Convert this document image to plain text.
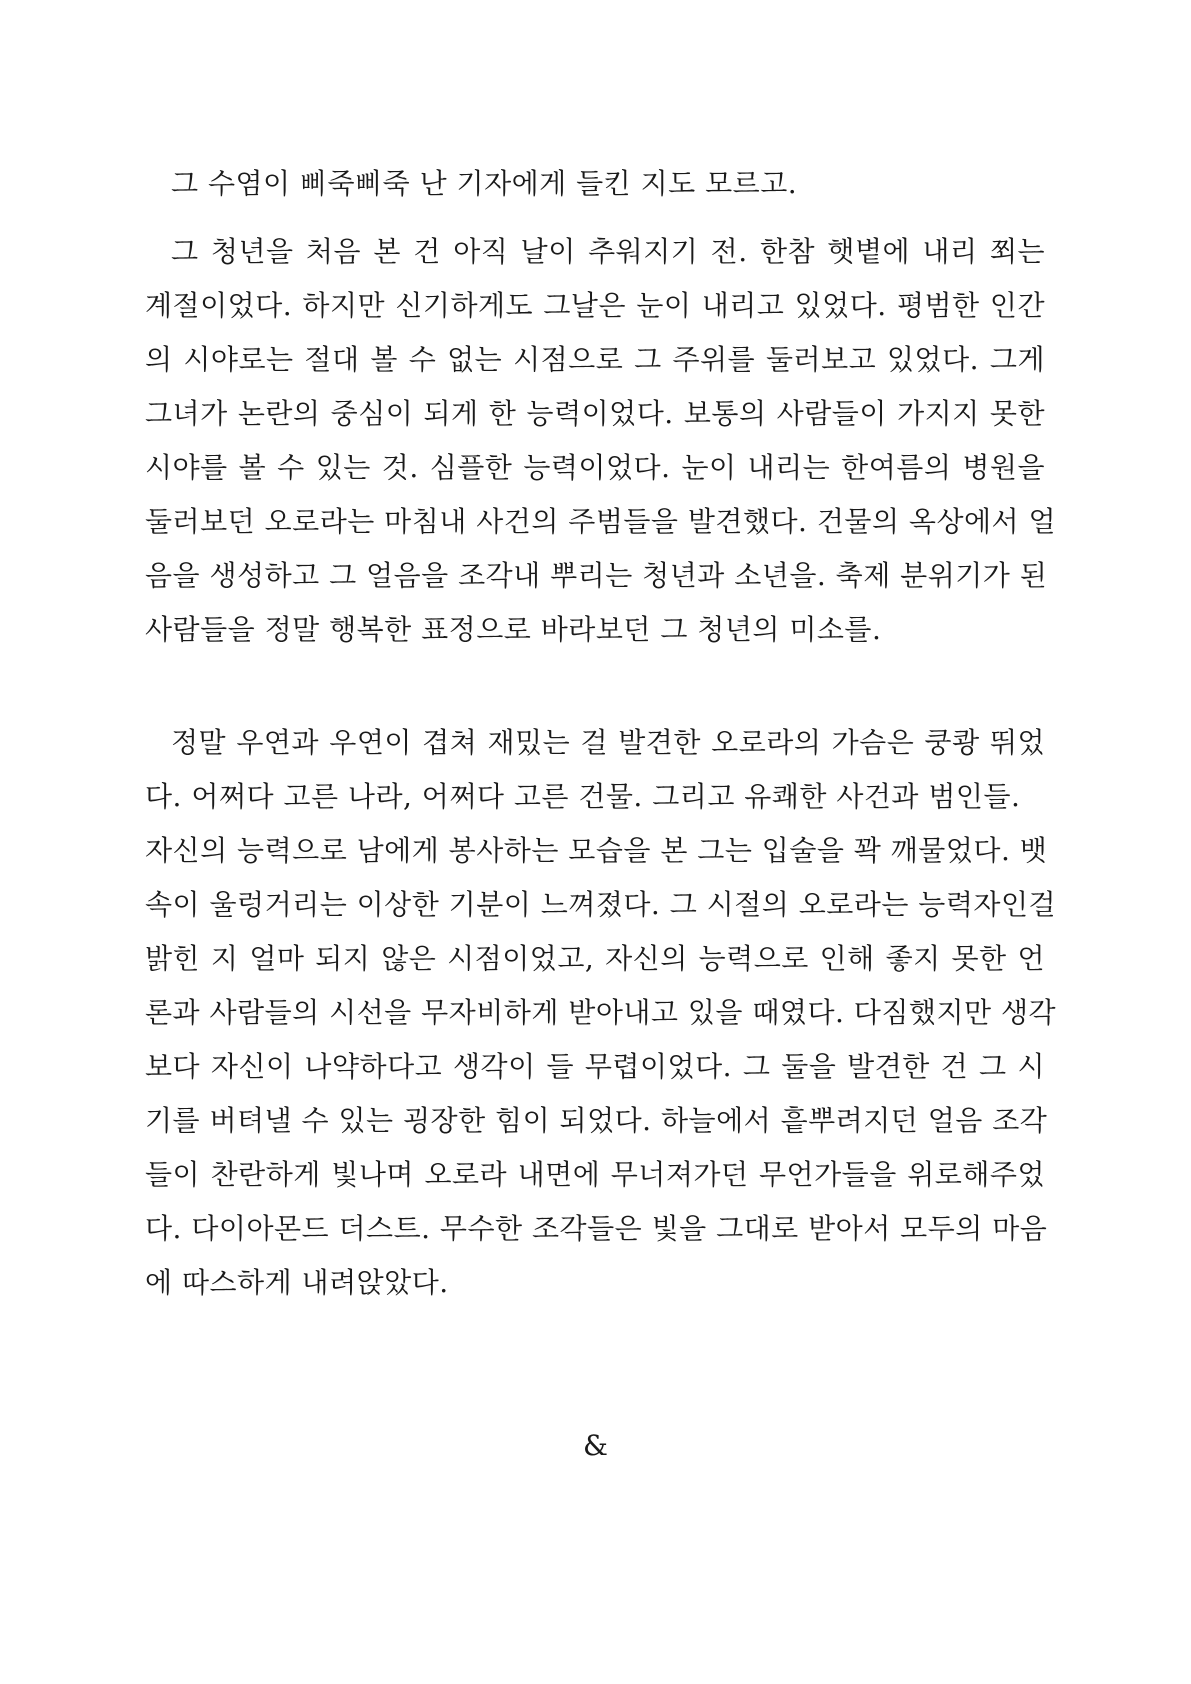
그 수염이 삐죽삐죽 난 기자에게 들킨 지도 모르고.
그 청년을 처음 본 건 아직 날이 추워지기 전. 한참 햇볕에 내리 쬐는
계절이었다. 하지만 신기하게도 그날은 눈이 내리고 있었다. 평범한 인간
의 시야로는 절대 볼 수 없는 시점으로 그 주위를 둘러보고 있었다. 그게
그녀가 논란의 중심이 되게 한 능력이었다. 보통의 사람들이 가지지 못한
시야를 볼 수 있는 것. 심플한 능력이었다. 눈이 내리는 한여름의 병원을
둘러보던 오로라는 마침내 사건의 주범들을 발견했다. 건물의 옥상에서 얼
음을 생성하고 그 얼음을 조각내 뿌리는 청년과 소년을. 축제 분위기가 된
사람들을 정말 행복한 표정으로 바라보던 그 청년의 미소를.
정말 우연과 우연이 겹쳐 재밌는 걸 발견한 오로라의 가슴은 쿵쾅 뛰었
다. 어쩌다 고른 나라, 어쩌다 고른 건물. 그리고 유쾌한 사건과 범인들.
자신의 능력으로 남에게 봉사하는 모습을 본 그는 입술을 꽉 깨물었다. 뱃
속이 울렁거리는 이상한 기분이 느껴졌다. 그 시절의 오로라는 능력자인걸
밝힌 지 얼마 되지 않은 시점이었고, 자신의 능력으로 인해 좋지 못한 언
론과 사람들의 시선을 무자비하게 받아내고 있을 때였다. 다짐했지만 생각
보다 자신이 나약하다고 생각이 들 무렵이었다. 그 둘을 발견한 건 그 시
기를 버텨낼 수 있는 굉장한 힘이 되었다. 하늘에서 흩뿌려지던 얼음 조각
들이 찬란하게 빛나며 오로라 내면에 무너져가던 무언가들을 위로해주었
다. 다이아몬드 더스트. 무수한 조각들은 빛을 그대로 받아서 모두의 마음
에 따스하게 내려앉았다.
&
